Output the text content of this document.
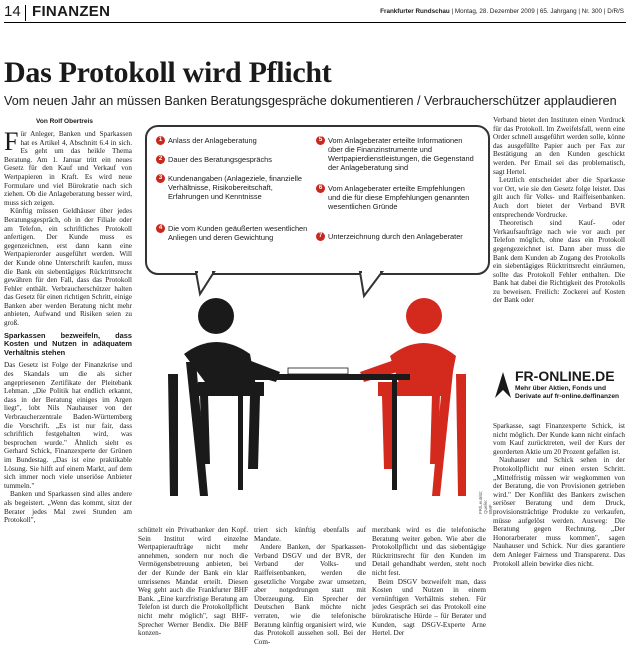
14 FINANZEN	Frankfurter Rundschau | Montag, 28. Dezember 2009 | 65. Jahrgang | Nr. 300 | D/R/S
Das Protokoll wird Pflicht
Vom neuen Jahr an müssen Banken Beratungsgespräche dokumentieren / Verbraucherschützer applaudieren
Von Rolf Obertreis

Für Anleger, Banken und Sparkassen hat es Artikel 4, Abschnitt 6.4 in sich. Es geht um das heikle Thema Beratung. Am 1. Januar tritt ein neues Gesetz für den Kauf und Verkauf von Wertpapieren in Kraft. Es wird neue Formulare und viel Bürokratie nach sich ziehen. Ob die Anlageberatung besser wird, muss sich zeigen.

Künftig müssen Geldhäuser über jedes Beratungsgespräch, ob in der Filiale oder am Telefon, ein schriftliches Protokoll anfertigen. Der Kunde muss es gegenzeichnen, erst dann kann eine Wertpapierorder ausgeführt werden. Will der Kunde ohne Unterschrift kaufen, muss die Bank ein siebentägiges Rücktrittsrecht gewähren für den Fall, dass das Protokoll Fehler enthält. Verbraucherschützer halten das Gesetz für einen richtigen Schritt, einige Banken aber werden Beratung nicht mehr anbieten, Aufwand und Risiken seien zu groß.

Sparkassen bezweifeln, dass Kosten und Nutzen in adäquatem Verhältnis stehen

Das Gesetz ist Folge der Finanzkrise und des Skandals um die als sicher angepriesenen Zertifikate der Pleitebank Lehman. „Die Politik hat endlich erkannt, dass in der Beratung einiges im Argen liegt", lobt Nils Nauhauser von der Verbraucherzentrale Baden-Württemberg die Vorschrift. „Es ist nur fair, dass schriftlich festgehalten wird, was besprochen wurde." Ähnlich sieht es Gerhard Schick, Finanzexperte der Grünen im Bundestag. „Das ist eine praktikable Lösung. Sie hilft auf einem Markt, auf dem sich immer noch viele unseriöse Anbieter tummeln."

Banken und Sparkassen sind alles andere als begeistert. „Wenn das kommt, sitzt der Berater jedes Mal zwei Stunden am Protokoll",

1 Anlass der Anlageberatung
2 Dauer des Beratungsgesprächs
3 Kundenangaben (Anlageziele, finanzielle Verhältnisse, Risikobereitschaft, Erfahrungen und Kenntnisse
4 Die vom Kunden geäußerten wesentlichen Anliegen und deren Gewichtung
5 Vom Anlageberater erteilte Informationen über die Finanzinstrumente und Wertpapierdienstleistungen, die Gegenstand der Anlageberatung sind
6 Vom Anlageberater erteilte Empfehlungen und die für diese Empfehlungen genannten wesentlichen Gründe
7 Unterzeichnung durch den Anlageberater
FR/Leutritz; Quelle: BMF

schüttelt ein Privatbanker den Kopf. Sein Institut wird einzelne Wertpapieraufträge nicht mehr annehmen, sondern nur noch die Vermögensbetreuung anbieten, bei der der Kunde der Bank ein klar umrissenes Mandat erteilt. Diesen Weg geht auch die Frankfurter BHF Bank. „Eine kurzfristige Beratung am Telefon ist durch die Protokollpflicht nicht mehr möglich", sagt BHF-Sprecher Werner Bendix. Die BHF konzen-

triert sich künftig ebenfalls auf Mandate.

Andere Banken, der Sparkassen-Verband DSGV und der BVR, der Verband der Volks- und Raiffeisenbanken, werden die gesetzliche Vorgabe zwar umsetzen, aber notgedrungen statt mit Überzeugung. Ein Sprecher der Deutschen Bank möchte nicht verraten, wie die telefonische Beratung künftig organisiert wird, wie das Protokoll aussehen soll. Bei der Com-

merzbank wird es die telefonische Beratung weiter geben. Wie aber die Protokollpflicht und das siebentägige Rücktrittsrecht für den Kunden im Detail gehandhabt werden, steht noch nicht fest.

Beim DSGV bezweifelt man, dass Kosten und Nutzen in einem vernünftigen Verhältnis stehen. Für jedes Gespräch sei das Protokoll eine bürokratische Hürde – für Berater und Kunden, sagt DSGV-Experte Arne Hertel. Der

Verband bietet den Instituten einen Vordruck für das Protokoll. Im Zweifelsfall, wenn eine Order schnell ausgeführt werden solle, könne das ausgefüllte Papier auch per Fax zur Bestätigung an den Kunden geschickt werden. Per Email sei das problematisch, sagt Hertel.

Letztlich entscheidet aber die Sparkasse vor Ort, wie sie den Gesetz folge leistet. Das gilt auch für Volks- und Raiffeisenbanken. Auch dort bietet der Verband BVR entsprechende Vordrucke.

Theoretisch sind Kauf- oder Verkaufsaufträge nach wie vor auch per Telefon möglich, ohne dass ein Protokoll gegengezeichnet ist. Dann aber muss die Bank dem Kunden ab Zugang des Protokolls ein siebentägiges Rücktrittsrecht einräumen, sollte das Protokoll Fehler enthalten. Die Bank hat dabei die Richtigkeit des Protokolls zu beweisen. Freilich: Zockerei auf Kosten der Bank oder

FR-ONLINE.DE
Mehr über Aktien, Fonds und Derivate auf fr-online.de/finanzen

Sparkasse, sagt Finanzexperte Schick, ist nicht möglich. Der Kunde kann nicht einfach vom Kauf zurücktreten, weil der Kurs der georderten Aktie um 20 Prozent gefallen ist.

Nauhauser und Schick sehen in der Protokollpflicht nur einen ersten Schritt. „Mittelfristig müssen wir wegkommen von der Beratung, die von Provisionen getrieben wird." Der Konflikt des Bankers zwischen seriöser Beratung und dem Druck, provisionsträchtige Produkte zu verkaufen, müsse aufgelöst werden. Ausweg: Die Beratung gegen Rechnung. „Der Honorarberater muss kommen", sagen Nauhauser und Schick. Nur dies garantiere dem Anleger Fairness und Transparenz. Das Protokoll allein bewirke dies nicht.
